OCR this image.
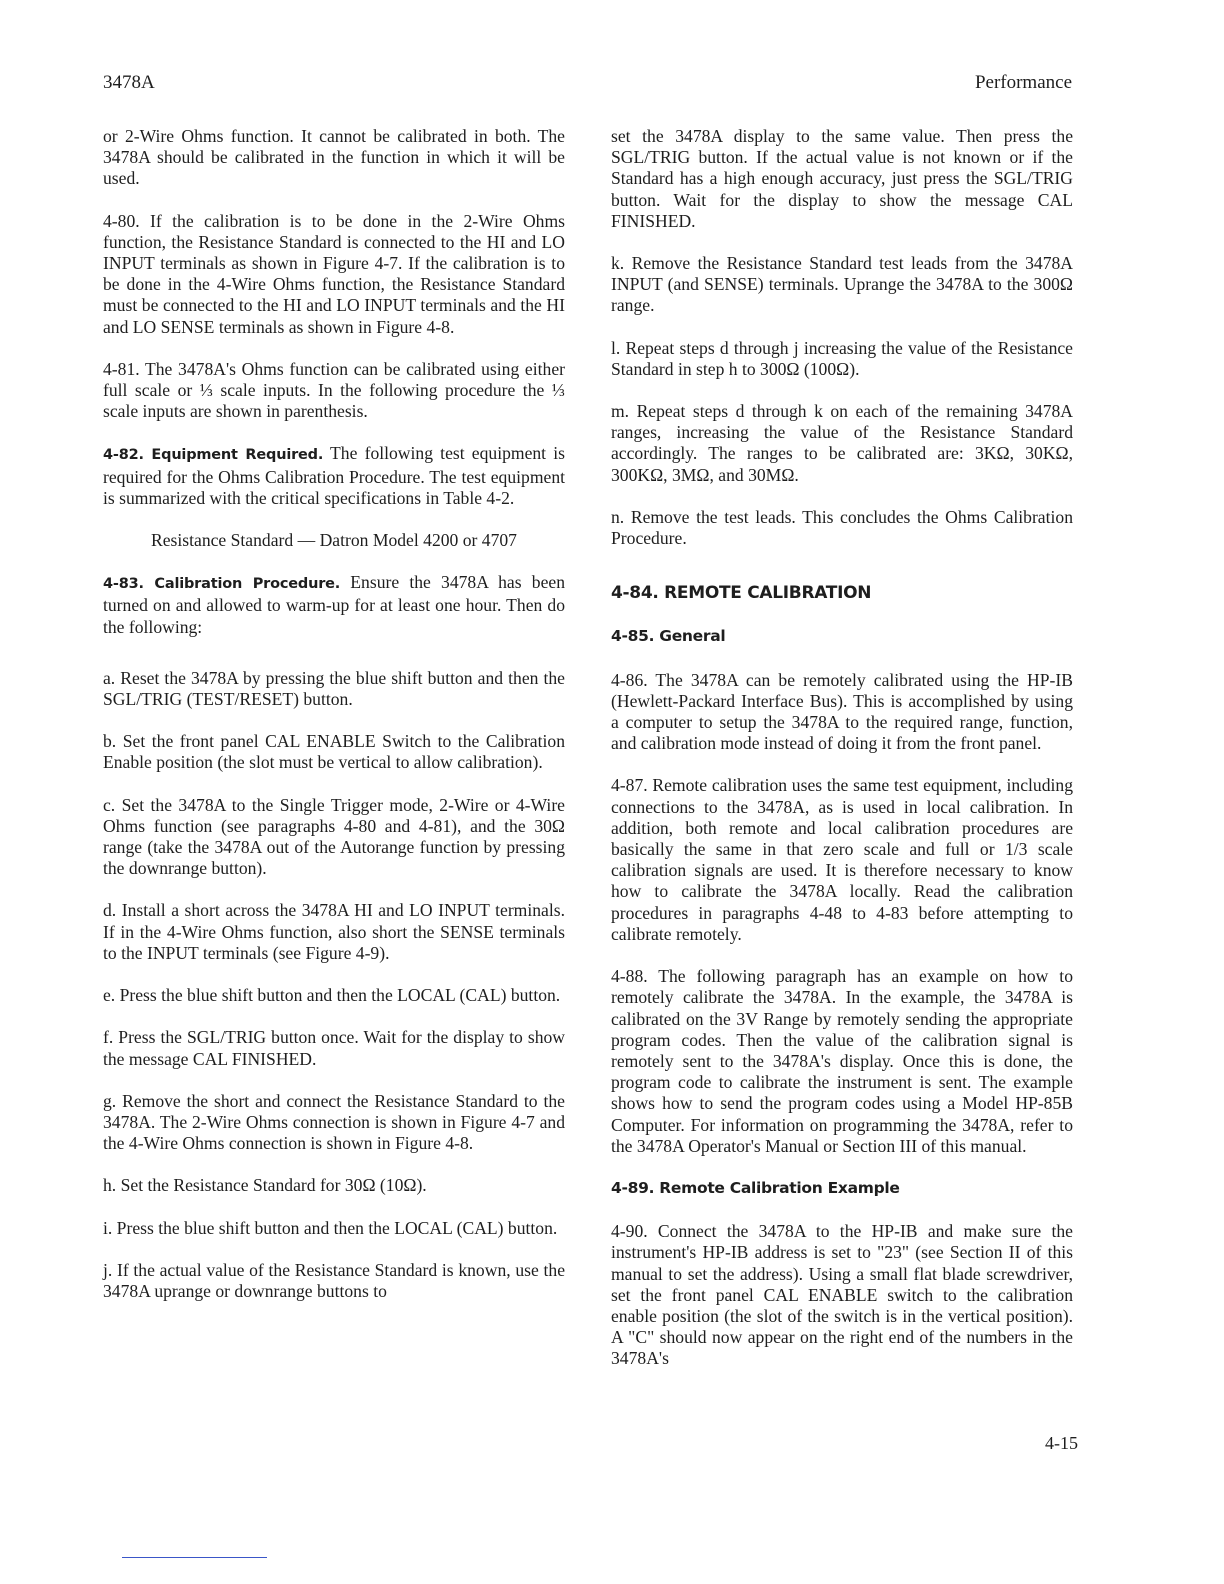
3478A	Performance

or 2-Wire Ohms function. It cannot be calibrated in both. The 3478A should be calibrated in the function in which it will be used.

4-80. If the calibration is to be done in the 2-Wire Ohms function, the Resistance Standard is connected to the HI and LO INPUT terminals as shown in Figure 4-7. If the calibration is to be done in the 4-Wire Ohms function, the Resistance Standard must be connected to the HI and LO INPUT terminals and the HI and LO SENSE terminals as shown in Figure 4-8.

4-81. The 3478A's Ohms function can be calibrated using either full scale or ⅓ scale inputs. In the following procedure the ⅓ scale inputs are shown in parenthesis.

4-82. Equipment Required. The following test equipment is required for the Ohms Calibration Procedure. The test equipment is summarized with the critical specifications in Table 4-2.

Resistance Standard — Datron Model 4200 or 4707

4-83. Calibration Procedure. Ensure the 3478A has been turned on and allowed to warm-up for at least one hour. Then do the following:

a. Reset the 3478A by pressing the blue shift button and then the SGL/TRIG (TEST/RESET) button.

b. Set the front panel CAL ENABLE Switch to the Calibration Enable position (the slot must be vertical to allow calibration).

c. Set the 3478A to the Single Trigger mode, 2-Wire or 4-Wire Ohms function (see paragraphs 4-80 and 4-81), and the 30Ω range (take the 3478A out of the Autorange function by pressing the downrange button).

d. Install a short across the 3478A HI and LO INPUT terminals. If in the 4-Wire Ohms function, also short the SENSE terminals to the INPUT terminals (see Figure 4-9).

e. Press the blue shift button and then the LOCAL (CAL) button.

f. Press the SGL/TRIG button once. Wait for the display to show the message CAL FINISHED.

g. Remove the short and connect the Resistance Standard to the 3478A. The 2-Wire Ohms connection is shown in Figure 4-7 and the 4-Wire Ohms connection is shown in Figure 4-8.

h. Set the Resistance Standard for 30Ω (10Ω).

i. Press the blue shift button and then the LOCAL (CAL) button.

j. If the actual value of the Resistance Standard is known, use the 3478A uprange or downrange buttons to

set the 3478A display to the same value. Then press the SGL/TRIG button. If the actual value is not known or if the Standard has a high enough accuracy, just press the SGL/TRIG button. Wait for the display to show the message CAL FINISHED.

k. Remove the Resistance Standard test leads from the 3478A INPUT (and SENSE) terminals. Uprange the 3478A to the 300Ω range.

l. Repeat steps d through j increasing the value of the Resistance Standard in step h to 300Ω (100Ω).

m. Repeat steps d through k on each of the remaining 3478A ranges, increasing the value of the Resistance Standard accordingly. The ranges to be calibrated are: 3KΩ, 30KΩ, 300KΩ, 3MΩ, and 30MΩ.

n. Remove the test leads. This concludes the Ohms Calibration Procedure.

4-84. REMOTE CALIBRATION
4-85. General

4-86. The 3478A can be remotely calibrated using the HP-IB (Hewlett-Packard Interface Bus). This is accomplished by using a computer to setup the 3478A to the required range, function, and calibration mode instead of doing it from the front panel.

4-87. Remote calibration uses the same test equipment, including connections to the 3478A, as is used in local calibration. In addition, both remote and local calibration procedures are basically the same in that zero scale and full or 1/3 scale calibration signals are used. It is therefore necessary to know how to calibrate the 3478A locally. Read the calibration procedures in paragraphs 4-48 to 4-83 before attempting to calibrate remotely.

4-88. The following paragraph has an example on how to remotely calibrate the 3478A. In the example, the 3478A is calibrated on the 3V Range by remotely sending the appropriate program codes. Then the value of the calibration signal is remotely sent to the 3478A's display. Once this is done, the program code to calibrate the instrument is sent. The example shows how to send the program codes using a Model HP-85B Computer. For information on programming the 3478A, refer to the 3478A Operator's Manual or Section III of this manual.

4-89. Remote Calibration Example

4-90. Connect the 3478A to the HP-IB and make sure the instrument's HP-IB address is set to "23" (see Section II of this manual to set the address). Using a small flat blade screwdriver, set the front panel CAL ENABLE switch to the calibration enable position (the slot of the switch is in the vertical position). A "C" should now appear on the right end of the numbers in the 3478A's

4-15
